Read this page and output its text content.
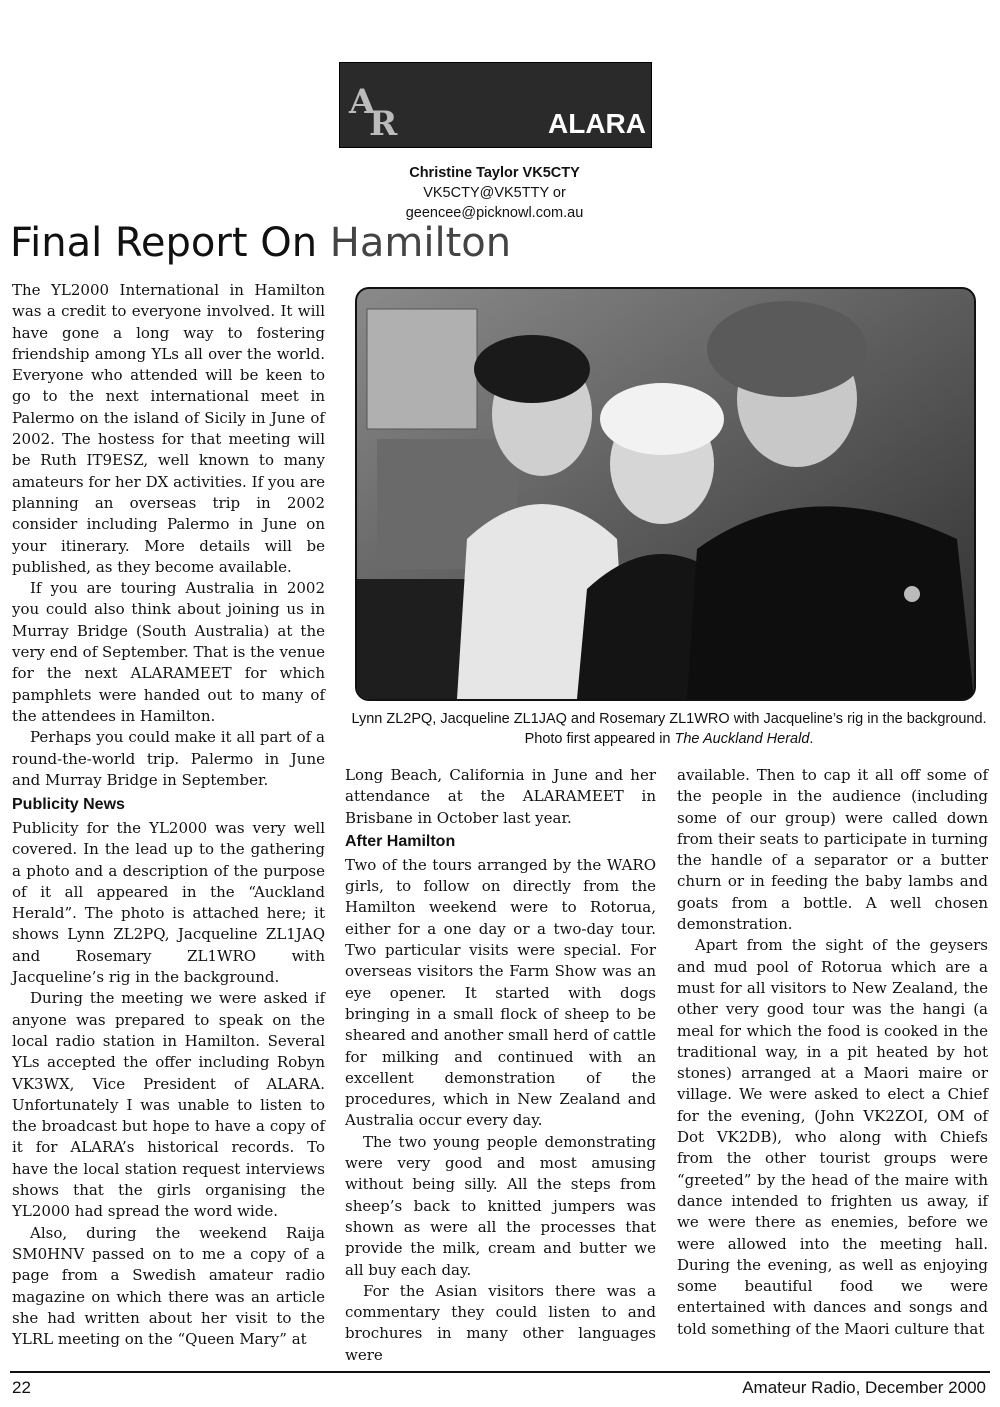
A
R	ALARA
Christine Taylor VK5CTY
VK5CTY@VK5TTY or geencee@picknowl.com.au
Final Report On Hamilton

The YL2000 International in Hamilton was a credit to everyone involved. It will have gone a long way to fostering friendship among YLs all over the world. Everyone who attended will be keen to go to the next international meet in Palermo on the island of Sicily in June of 2002. The hostess for that meeting will be Ruth IT9ESZ, well known to many amateurs for her DX activities. If you are planning an overseas trip in 2002 consider including Palermo in June on your itinerary. More details will be published, as they become available.

If you are touring Australia in 2002 you could also think about joining us in Murray Bridge (South Australia) at the very end of September. That is the venue for the next ALARAMEET for which pamphlets were handed out to many of the attendees in Hamilton.

Perhaps you could make it all part of a round-the-world trip. Palermo in June and Murray Bridge in September.

Publicity News

Publicity for the YL2000 was very well covered. In the lead up to the gathering a photo and a description of the purpose of it all appeared in the “Auckland Herald”. The photo is attached here; it shows Lynn ZL2PQ, Jacqueline ZL1JAQ and Rosemary ZL1WRO with Jacqueline’s rig in the background.

During the meeting we were asked if anyone was prepared to speak on the local radio station in Hamilton. Several YLs accepted the offer including Robyn VK3WX, Vice President of ALARA. Unfortunately I was unable to listen to the broadcast but hope to have a copy of it for ALARA’s historical records. To have the local station request interviews shows that the girls organising the YL2000 had spread the word wide.

Also, during the weekend Raija SM0HNV passed on to me a copy of a page from a Swedish amateur radio magazine on which there was an article she had written about her visit to the YLRL meeting on the “Queen Mary” at

Lynn ZL2PQ, Jacqueline ZL1JAQ and Rosemary ZL1WRO with Jacqueline’s rig in the background. Photo first appeared in The Auckland Herald.

Long Beach, California in June and her attendance at the ALARAMEET in Brisbane in October last year.

After Hamilton

Two of the tours arranged by the WARO girls, to follow on directly from the Hamilton weekend were to Rotorua, either for a one day or a two-day tour. Two particular visits were special. For overseas visitors the Farm Show was an eye opener. It started with dogs bringing in a small flock of sheep to be sheared and another small herd of cattle for milking and continued with an excellent demonstration of the procedures, which in New Zealand and Australia occur every day.

The two young people demonstrating were very good and most amusing without being silly. All the steps from sheep’s back to knitted jumpers was shown as were all the processes that provide the milk, cream and butter we all buy each day.

For the Asian visitors there was a commentary they could listen to and brochures in many other languages were

available. Then to cap it all off some of the people in the audience (including some of our group) were called down from their seats to participate in turning the handle of a separator or a butter churn or in feeding the baby lambs and goats from a bottle. A well chosen demonstration.

Apart from the sight of the geysers and mud pool of Rotorua which are a must for all visitors to New Zealand, the other very good tour was the hangi (a meal for which the food is cooked in the traditional way, in a pit heated by hot stones) arranged at a Maori maire or village. We were asked to elect a Chief for the evening, (John VK2ZOI, OM of Dot VK2DB), who along with Chiefs from the other tourist groups were “greeted” by the head of the maire with dance intended to frighten us away, if we were there as enemies, before we were allowed into the meeting hall. During the evening, as well as enjoying some beautiful food we were entertained with dances and songs and told something of the Maori culture that

22	Amateur Radio, December 2000
